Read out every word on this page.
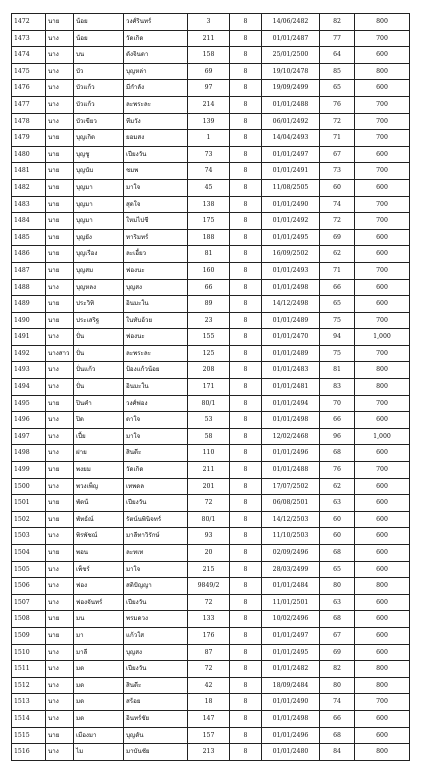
1472	นาย	น้อย	วงศ์รินทร์	3	8	14/06/2482	82	800
1473	นาง	น้อย	วัดเกิด	211	8	01/01/2487	77	700
1474	นาง	บน	ดังจินดา	158	8	25/01/2500	64	600
1475	นาง	บัว	บุญหล่า	69	8	19/10/2478	85	800
1476	นาง	บัวแก้ว	มีกำลัง	97	8	19/09/2499	65	600
1477	นาง	บัวแก้ว	ละพระละ	214	8	01/01/2488	76	700
1478	นาง	บัวเขียว	ทีมวัง	139	8	06/01/2492	72	700
1479	นาย	บุญเกิด	ยอมสง	1	8	14/04/2493	71	700
1480	นาย	บุญชู	เปียงวัน	73	8	01/01/2497	67	600
1481	นาย	บุญนับ	ชมพ	74	8	01/01/2491	73	700
1482	นาย	บุญมา	มาใจ	45	8	11/08/2505	60	600
1483	นาย	บุญมา	สุดใจ	138	8	01/01/2490	74	700
1484	นาย	บุญมา	ใหม่ไปชี	175	8	01/01/2492	72	700
1485	นาย	บุญยัง	ทาริมทร์	188	8	01/01/2495	69	600
1486	นาย	บุญเรือง	ละเอี้ยว	81	8	16/09/2502	62	600
1487	นาย	บุญสม	ฟองนะ	160	8	01/01/2493	71	700
1488	นาง	บุญหลง	บุญสง	66	8	01/01/2498	66	600
1489	นาย	ประวิทิ	อินมะใน	89	8	14/12/2498	65	600
1490	นาย	ประเสริฐ	ในทับอ้วย	23	8	01/01/2489	75	700
1491	นาง	ปั่น	ฟองนะ	155	8	01/01/2470	94	1,000
1492	นางสาว	ปั่น	ละพระละ	125	8	01/01/2489	75	700
1493	นาง	ปั่นแก้ว	ป้องแก้วน้อย	208	8	01/01/2483	81	800
1494	นาง	ปั่น	อินมะใน	171	8	01/01/2481	83	800
1495	นาย	ปินคำ	วงศ์ฟอง	80/1	8	01/01/2494	70	700
1496	นาง	ปิด	ดาใจ	53	8	01/01/2498	66	600
1497	นาง	เปี้ย	มาใจ	58	8	12/02/2468	96	1,000
1498	นาง	ฝาย	สินดีะ	110	8	01/01/2496	68	600
1499	นาย	พงยม	วัดเกิด	211	8	01/01/2488	76	700
1500	นาง	พวงเพ็ญ	เทพดล	201	8	17/07/2502	62	600
1501	นาย	พัดน้	เปียงวัน	72	8	06/08/2501	63	600
1502	นาย	พัทธ์ณ์	รัตน์นพินิจทร์	80/1	8	14/12/2503	60	600
1503	นาง	พิรพัชณ์	มาลีทาวิรักษ์	93	8	11/10/2503	60	600
1504	นาย	พอน	ละทเท	20	8	02/09/2496	68	600
1505	นาง	เพ็ชร์	มาใจ	215	8	28/03/2499	65	600
1506	นาง	ฟอง	สติปัญญา	9849/2	8	01/01/2484	80	800
1507	นาง	ฟองจันทร์	เปียงวัน	72	8	11/01/2501	63	600
1508	นาย	มน	พรมดวง	133	8	10/02/2496	68	600
1509	นาย	มา	แก้วใส	176	8	01/01/2497	67	600
1510	นาง	มาลี	บุญสง	87	8	01/01/2495	69	600
1511	นาง	มด	เปียงวัน	72	8	01/01/2482	82	800
1512	นาง	มด	สินดีะ	42	8	18/09/2484	80	800
1513	นาง	มด	สร้อย	18	8	01/01/2490	74	700
1514	นาง	มด	อินทร์ชัย	147	8	01/01/2498	66	600
1515	นาย	เมืองมา	บุญตัน	157	8	01/01/2496	68	600
1516	นาง	ไม	มาบันชัย	213	8	01/01/2480	84	800
